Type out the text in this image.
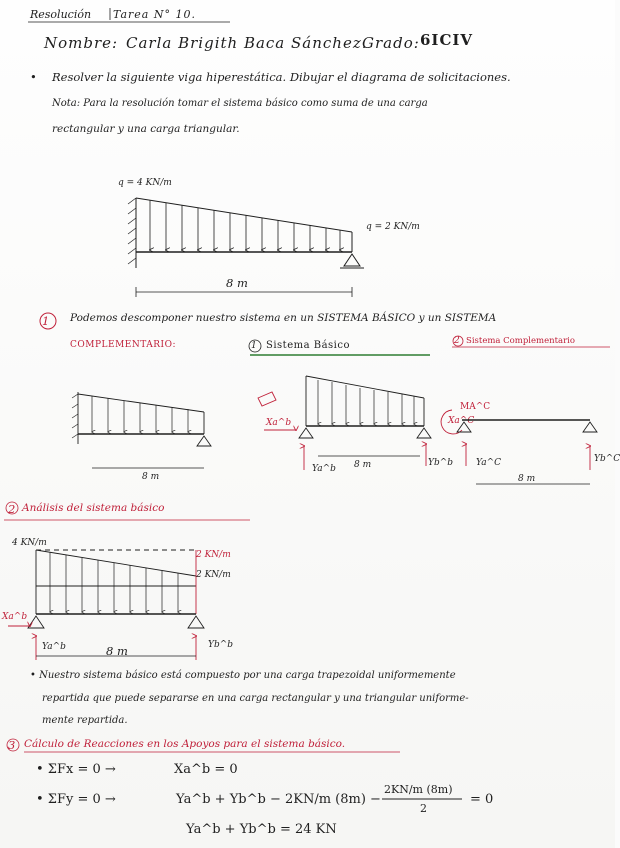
Resolución Tarea N° 10.
Nombre: Carla Brigith Baca Sánchez.
Grado: 6ICIV
• Resolver la siguiente viga hiperestática. Dibujar el diagrama de solicitaciones.
Nota: Para la resolución tomar el sistema básico como suma de una carga
rectangular y una carga triangular.
q = 4 KN/m
q = 2 KN/m
8 m
1 Podemos descomponer nuestro sistema en un SISTEMA BÁSICO y un SISTEMA
COMPLEMENTARIO:	1 Sistema Básico	2 Sistema Complementario
8 m
8 m
8 m
Xa^b
Ya^b
Yb^b
MA^C
Xa^C
Ya^C	Yb^C
2 Análisis del sistema básico
4 KN/m
2 KN/m
2 KN/m
Xa^b
Ya^b	Yb^b
8 m
• Nuestro sistema básico está compuesto por una carga trapezoidal uniformemente
repartida que puede separarse en una carga rectangular y una triangular uniforme-
mente repartida.
3 Cálculo de Reacciones en los Apoyos para el sistema básico.
• ΣFx = 0 →	Xa^b = 0
• ΣFy = 0 →	Ya^b + Yb^b − 2KN/m (8m) −
2KN/m (8m)
2
= 0
Ya^b + Yb^b = 24 KN
